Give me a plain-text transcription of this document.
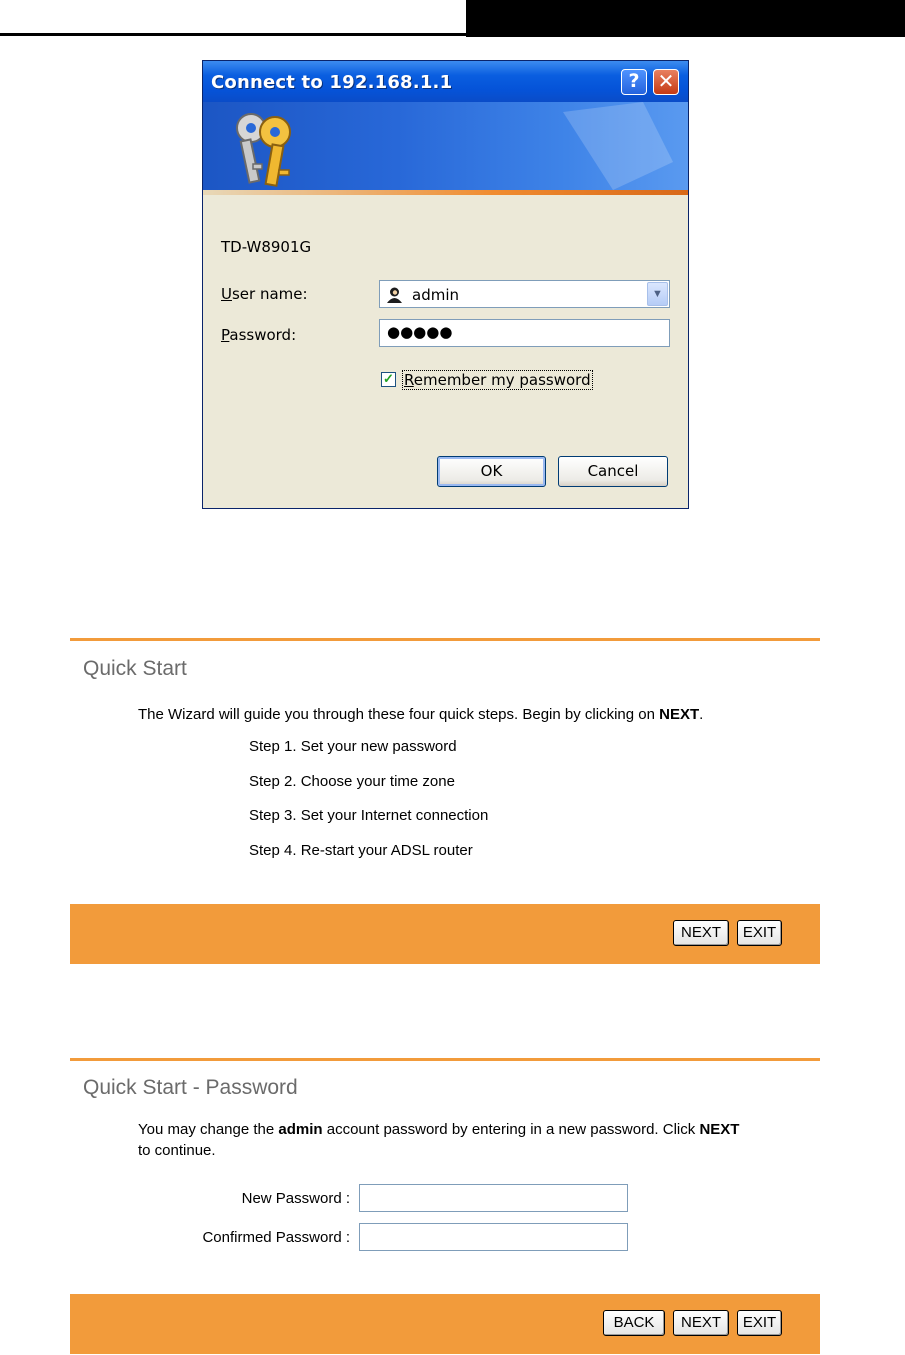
Connect to 192.168.1.1	? ✕
TD-W8901G
User name:	admin	▼
Password:	●●●●●
✓ Remember my password
OK	Cancel
Quick Start
The Wizard will guide you through these four quick steps. Begin by clicking on NEXT.
Step 1. Set your new password
Step 2. Choose your time zone
Step 3. Set your Internet connection
Step 4. Re-start your ADSL router
NEXT	EXIT
Quick Start - Password
You may change the admin account password by entering in a new password. Click NEXT
to continue.
New Password :
Confirmed Password :
BACK	NEXT	EXIT
